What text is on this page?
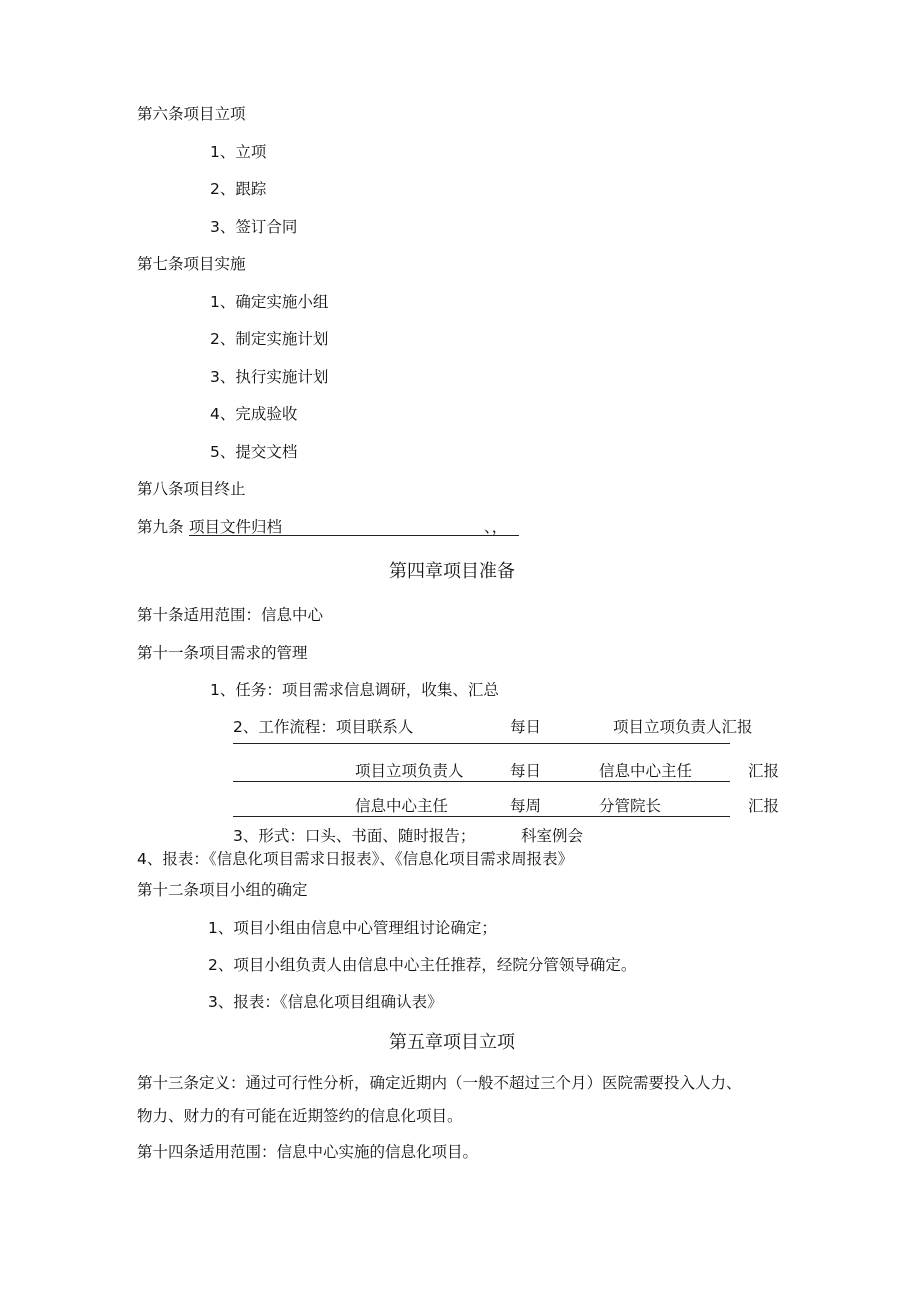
第六条项目立项
1、立项
2、跟踪
3、签订合同
第七条项目实施
1、确定实施小组
2、制定实施计划
3、执行实施计划
4、完成验收
5、提交文档
第八条项目终止
第九条 项目文件归档	、，
第四章项目准备
第十条适用范围：信息中心
第十一条项目需求的管理
1、任务：项目需求信息调研，收集、汇总
2、工作流程：项目联系人	每日	项目立项负责人汇报
项目立项负责人	每日	信息中心主任	汇报
信息中心主任	每周	分管院长	汇报
3、形式：口头、书面、随时报告；	科室例会
4、报表：《信息化项目需求日报表》、《信息化项目需求周报表》
第十二条项目小组的确定
1、项目小组由信息中心管理组讨论确定；
2、项目小组负责人由信息中心主任推荐，经院分管领导确定。
3、报表：《信息化项目组确认表》
第五章项目立项
第十三条定义：通过可行性分析，确定近期内（一般不超过三个月）医院需要投入人力、
物力、财力的有可能在近期签约的信息化项目。
第十四条适用范围：信息中心实施的信息化项目。
